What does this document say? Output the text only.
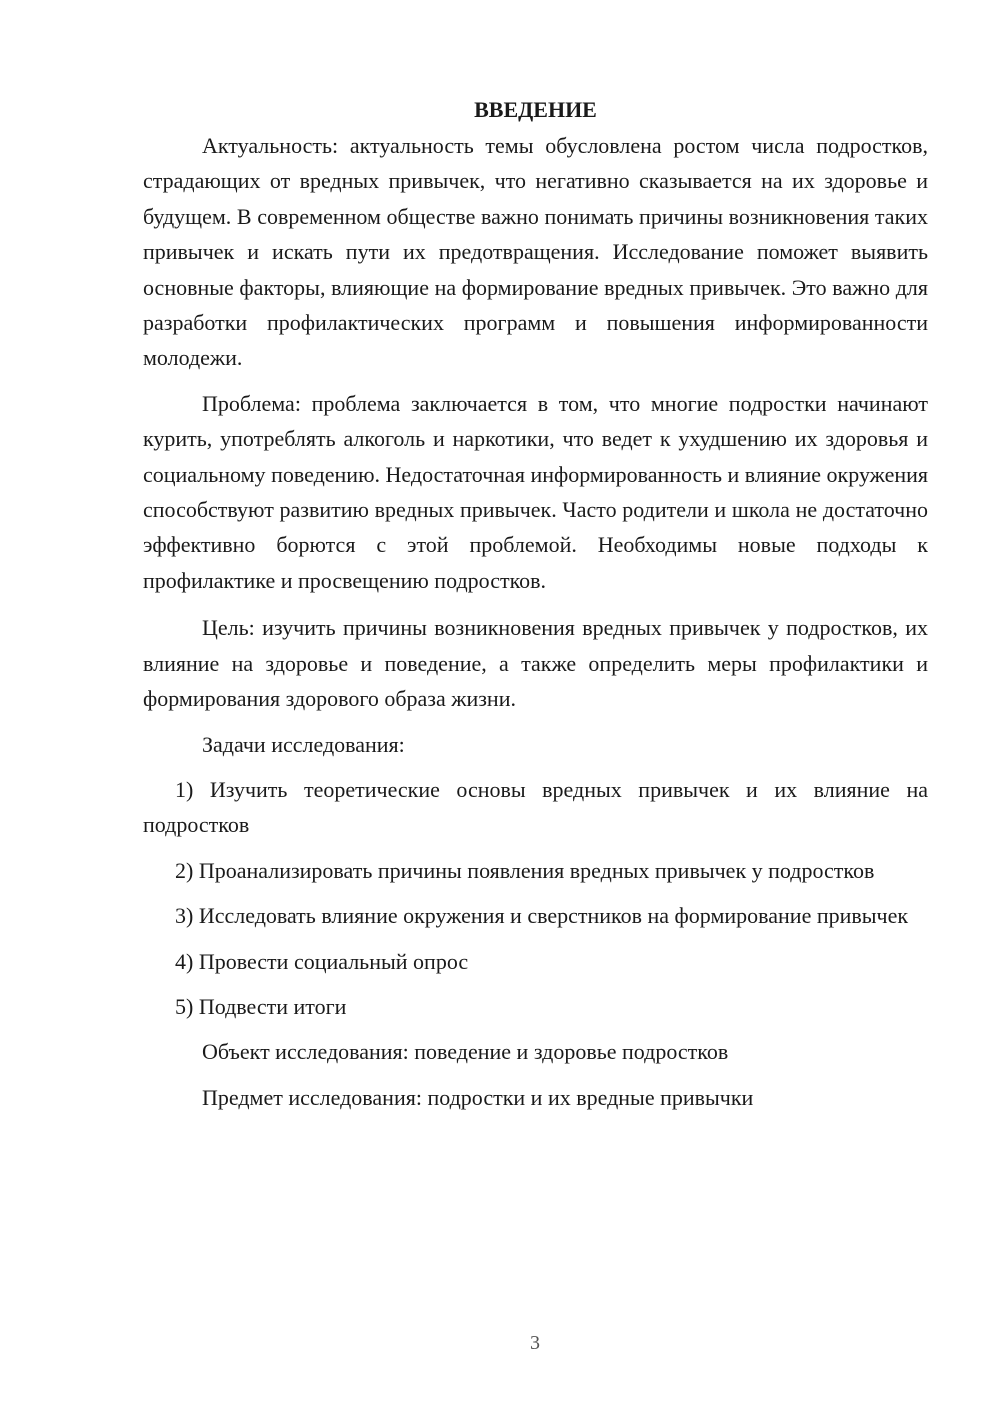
ВВЕДЕНИЕ

Актуальность: актуальность темы обусловлена ростом числа подростков, страдающих от вредных привычек, что негативно сказывается на их здоровье и будущем. В современном обществе важно понимать причины возникновения таких привычек и искать пути их предотвращения. Исследование поможет выявить основные факторы, влияющие на формирование вредных привычек. Это важно для разработки профилактических программ и повышения информированности молодежи.

Проблема: проблема заключается в том, что многие подростки начинают курить, употреблять алкоголь и наркотики, что ведет к ухудшению их здоровья и социальному поведению. Недостаточная информированность и влияние окружения способствуют развитию вредных привычек. Часто родители и школа не достаточно эффективно борются с этой проблемой. Необходимы новые подходы к профилактике и просвещению подростков.

Цель: изучить причины возникновения вредных привычек у подростков, их влияние на здоровье и поведение, а также определить меры профилактики и формирования здорового образа жизни.

Задачи исследования:

1) Изучить теоретические основы вредных привычек и их влияние на подростков

2) Проанализировать причины появления вредных привычек у подростков

3) Исследовать влияние окружения и сверстников на формирование привычек

4) Провести социальный опрос

5) Подвести итоги

Объект исследования: поведение и здоровье подростков

Предмет исследования: подростки и их вредные привычки

3
